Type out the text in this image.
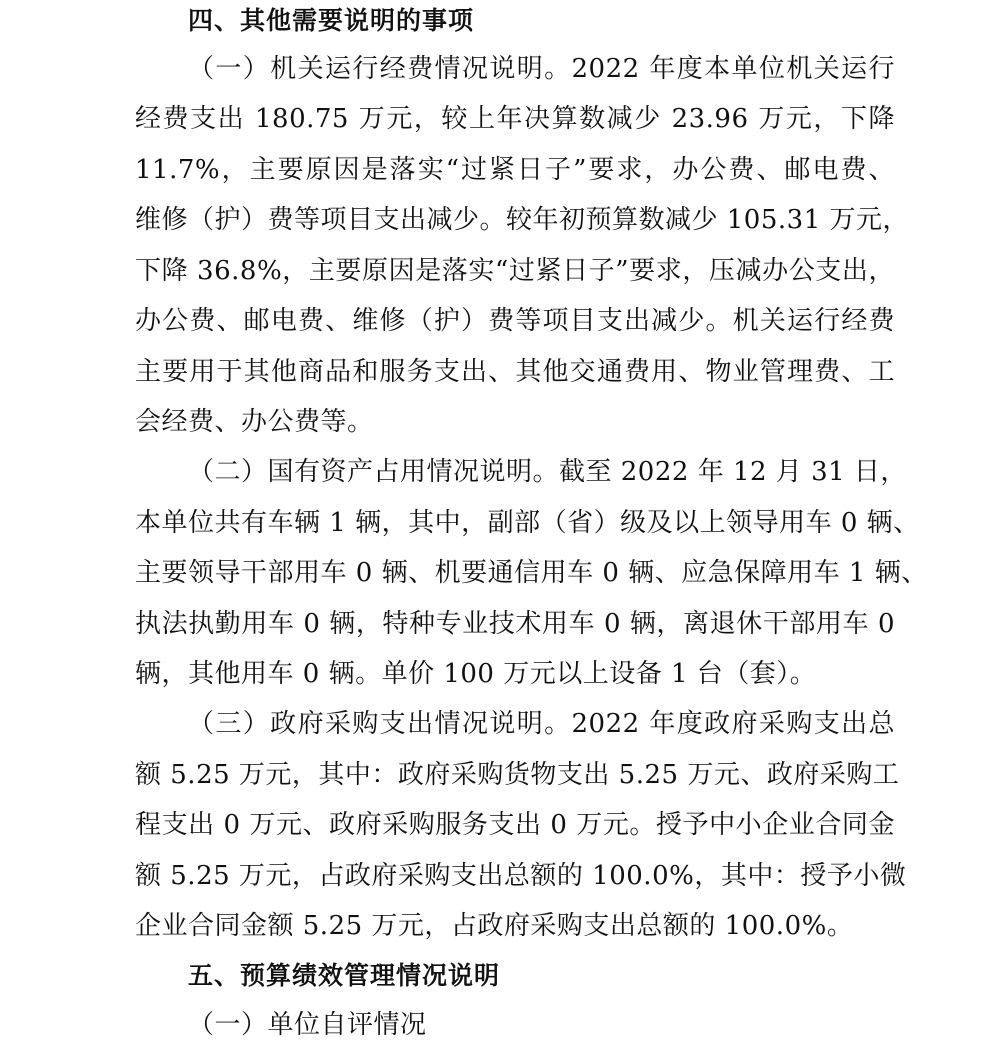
四、其他需要说明的事项
（一）机关运行经费情况说明。2022 年度本单位机关运行
经费支出 180.75 万元，较上年决算数减少 23.96 万元，下降
11.7%，主要原因是落实“过紧日子”要求，办公费、邮电费、
维修（护）费等项目支出减少。较年初预算数减少 105.31 万元，
下降 36.8%，主要原因是落实“过紧日子”要求，压减办公支出，
办公费、邮电费、维修（护）费等项目支出减少。机关运行经费
主要用于其他商品和服务支出、其他交通费用、物业管理费、工
会经费、办公费等。
（二）国有资产占用情况说明。截至 2022 年 12 月 31 日，
本单位共有车辆 1 辆，其中，副部（省）级及以上领导用车 0 辆、
主要领导干部用车 0 辆、机要通信用车 0 辆、应急保障用车 1 辆、
执法执勤用车 0 辆，特种专业技术用车 0 辆，离退休干部用车 0
辆，其他用车 0 辆。单价 100 万元以上设备 1 台（套）。
（三）政府采购支出情况说明。2022 年度政府采购支出总
额 5.25 万元，其中：政府采购货物支出 5.25 万元、政府采购工
程支出 0 万元、政府采购服务支出 0 万元。授予中小企业合同金
额 5.25 万元，占政府采购支出总额的 100.0%，其中：授予小微
企业合同金额 5.25 万元，占政府采购支出总额的 100.0%。
五、预算绩效管理情况说明
（一）单位自评情况
